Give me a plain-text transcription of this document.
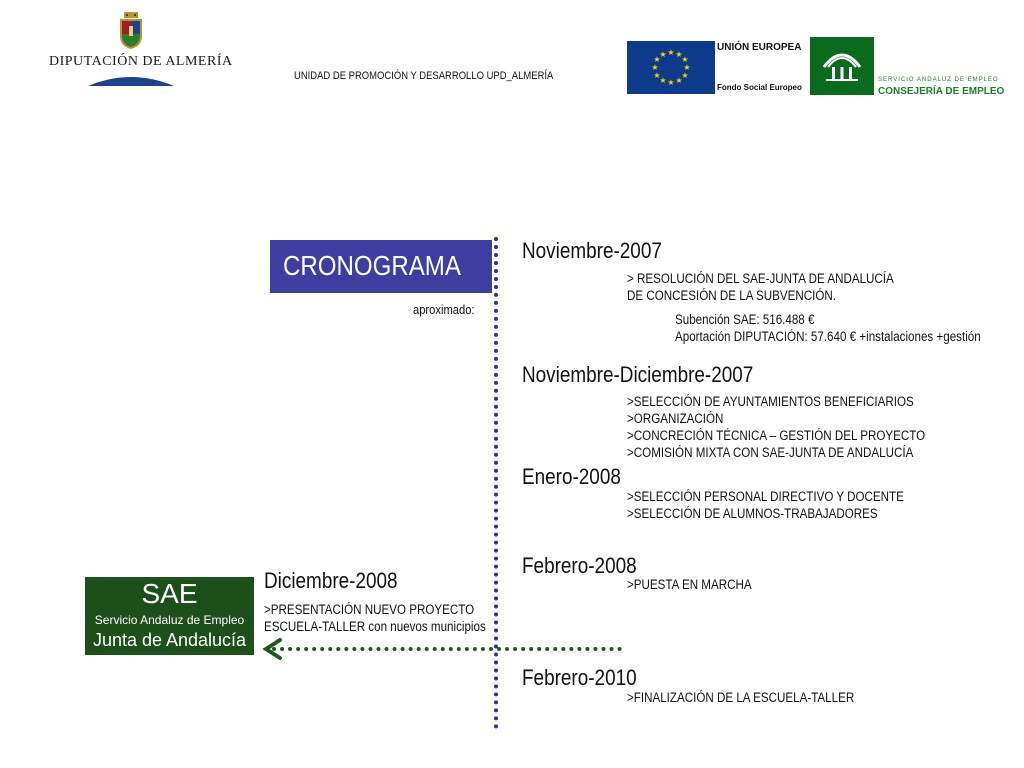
DIPUTACIÓN DE ALMERÍA
UNIDAD DE PROMOCIÓN Y DESARROLLO UPD_ALMERÍA
★ ★
★
★
★
★
★
★
★
★
★
★
UNIÓN EUROPEA
Fondo Social Europeo
SERVICIO ANDALUZ DE EMPLEO
CONSEJERÍA DE EMPLEO
CRONOGRAMA
aproximado:
Noviembre-2007
> RESOLUCIÓN DEL SAE-JUNTA DE ANDALUCÍA
DE CONCESIÓN DE LA SUBVENCIÓN.
Subención SAE: 516.488 €
Aportación DIPUTACIÓN: 57.640 € +instalaciones +gestión
Noviembre-Diciembre-2007
>SELECCIÓN DE AYUNTAMIENTOS BENEFICIARIOS
>ORGANIZACIÓN
>CONCRECIÓN TÉCNICA – GESTIÓN DEL PROYECTO
>COMISIÓN MIXTA CON SAE-JUNTA DE ANDALUCÍA
Enero-2008
>SELECCIÓN PERSONAL DIRECTIVO Y DOCENTE
>SELECCIÓN DE ALUMNOS-TRABAJADORES
Febrero-2008
>PUESTA EN MARCHA
Febrero-2010
>FINALIZACIÓN DE LA ESCUELA-TALLER
Diciembre-2008
>PRESENTACIÓN NUEVO PROYECTO
ESCUELA-TALLER con nuevos municipios
SAE
Servicio Andaluz de Empleo
Junta de Andalucía
